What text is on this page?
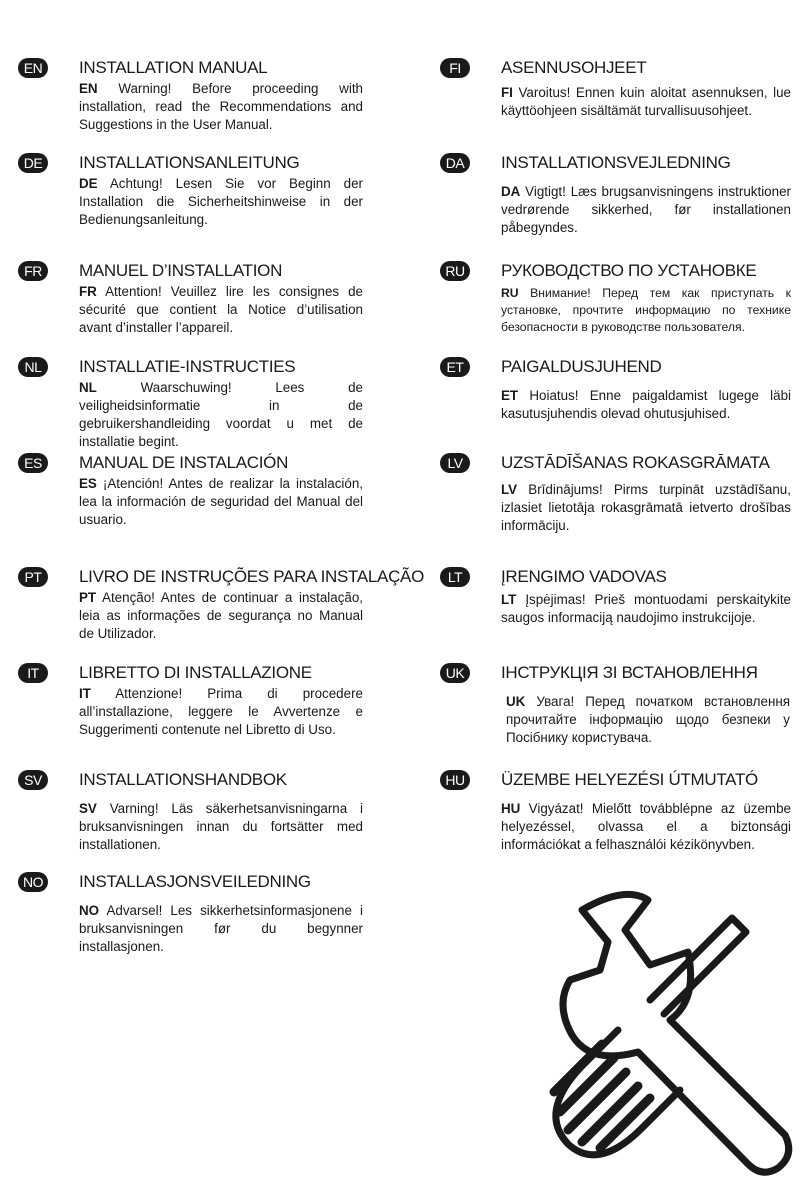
EN	INSTALLATION MANUAL
EN Warning! Before proceeding with installation, read the Recommendations and Suggestions in the User Manual.
DE	INSTALLATIONSANLEITUNG
DE Achtung! Lesen Sie vor Beginn der Installation die Sicherheitshinweise in der Bedienungsanleitung.
FR	MANUEL D’INSTALLATION
FR Attention! Veuillez lire les consignes de sécurité que contient la Notice d’utilisation avant d’installer l’appareil.
NL	INSTALLATIE-INSTRUCTIES
NL	Waarschuwing! Lees de veiligheidsinformatie in de gebruikershandleiding voordat u met de installatie begint.
ES	MANUAL DE INSTALACIÓN
ES ¡Atención! Antes de realizar la instalación, lea la información de seguridad del Manual del usuario.
PT	LIVRO DE INSTRUÇÕES PARA INSTALAÇÃO
PT Atenção! Antes de continuar a instalação, leia as informações de segurança no Manual de Utilizador.
IT	LIBRETTO DI INSTALLAZIONE
IT Attenzione! Prima di procedere all’installazione, leggere le Avvertenze e Suggerimenti contenute nel Libretto di Uso.
SV	INSTALLATIONSHANDBOK
SV Varning! Läs säkerhetsanvisningarna i bruksanvisningen innan du fortsätter med installationen.
NO INSTALLASJONSVEILEDNING
NO Advarsel! Les sikkerhetsinformasjonene i bruksanvisningen før du begynner installasjonen.
FI	ASENNUSOHJEET
FI Varoitus! Ennen kuin aloitat asennuksen, lue käyttöohjeen sisältämät turvallisuusohjeet.
DA	INSTALLATIONSVEJLEDNING
DA Vigtigt! Læs brugsanvisningens instruktioner vedrørende sikkerhed, før installationen påbegyndes.
RU	РУКОВОДСТВО ПО УСТАНОВКЕ
RU Внимание! Перед тем как приступать к установке, прочтите информацию по технике безопасности в руководстве пользователя.
ET	PAIGALDUSJUHEND
ET Hoiatus! Enne paigaldamist lugege läbi kasutusjuhendis olevad ohutusjuhised.
LV	UZSTĀDĪŠANAS ROKASGRĀMATA
LV Brīdinājums! Pirms turpināt uzstādīšanu, izlasiet lietotāja rokasgrāmatā ietverto drošības informāciju.
LT	ĮRENGIMO VADOVAS
LT Įspėjimas! Prieš montuodami perskaitykite saugos informaciją naudojimo instrukcijoje.
UK	ІНСТРУКЦІЯ ЗІ ВСТАНОВЛЕННЯ
UK Увага! Перед початком встановлення прочитайте інформацію щодо безпеки у Посібнику користувача.
HU	ÜZEMBE HELYEZÉSI ÚTMUTATÓ
HU Vigyázat! Mielőtt továbblépne az üzembe helyezéssel, olvassa el a biztonsági információkat a felhasználói kézikönyvben.
